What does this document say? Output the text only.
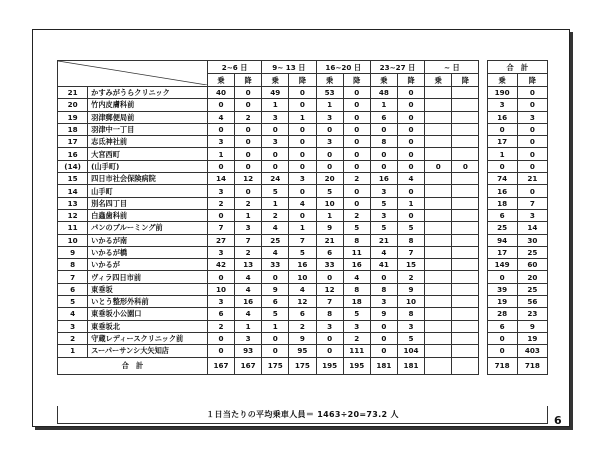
	2~6 日		9~ 13 日		16~20 日		23~27 日		~ 日			合　計	
		乗	降	乗	降	乗	降	乗	降	乗	降		乗	降
21	かすみがうらクリニック	40	0	49	0	53	0	48	0				190	0
20	竹内皮膚科前	0	0	1	0	1	0	1	0				3	0
19	羽津郵便局前	4	2	3	1	3	0	6	0				16	3
18	羽津中一丁目	0	0	0	0	0	0	0	0				0	0
17	志氐神社前	3	0	3	0	3	0	8	0				17	0
16	大宮西町	1	0	0	0	0	0	0	0				1	0
(14)	(山手町)	0	0	0	0	0	0	0	0	0	0		0	0
15	四日市社会保険病院	14	12	24	3	20	2	16	4				74	21
14	山手町	3	0	5	0	5	0	3	0				16	0
13	別名四丁目	2	2	1	4	10	0	5	1				18	7
12	白蟲歯科前	0	1	2	0	1	2	3	0				6	3
11	パンのブルーミング前	7	3	4	1	9	5	5	5				25	14
10	いかるが南	27	7	25	7	21	8	21	8				94	30
9	いかるが橋	3	2	4	5	6	11	4	7				17	25
8	いかるが	42	13	33	16	33	16	41	15				149	60
7	ヴィラ四日市前	0	4	0	10	0	4	0	2				0	20
6	東垂坂	10	4	9	4	12	8	8	9				39	25
5	いとう整形外科前	3	16	6	12	7	18	3	10				19	56
4	東垂坂小公園口	6	4	5	6	8	5	9	8				28	23
3	東垂坂北	2	1	1	2	3	3	0	3				6	9
2	守蔵レディースクリニック前	0	3	0	9	0	2	0	5				0	19
1	スーパーサンシ大矢知店	0	93	0	95	0	111	0	104				0	403
合　計		167	167	175	175	195	195	181	181				718	718
１日当たりの平均乗車人員＝ 1463÷20=73.2 人	6
